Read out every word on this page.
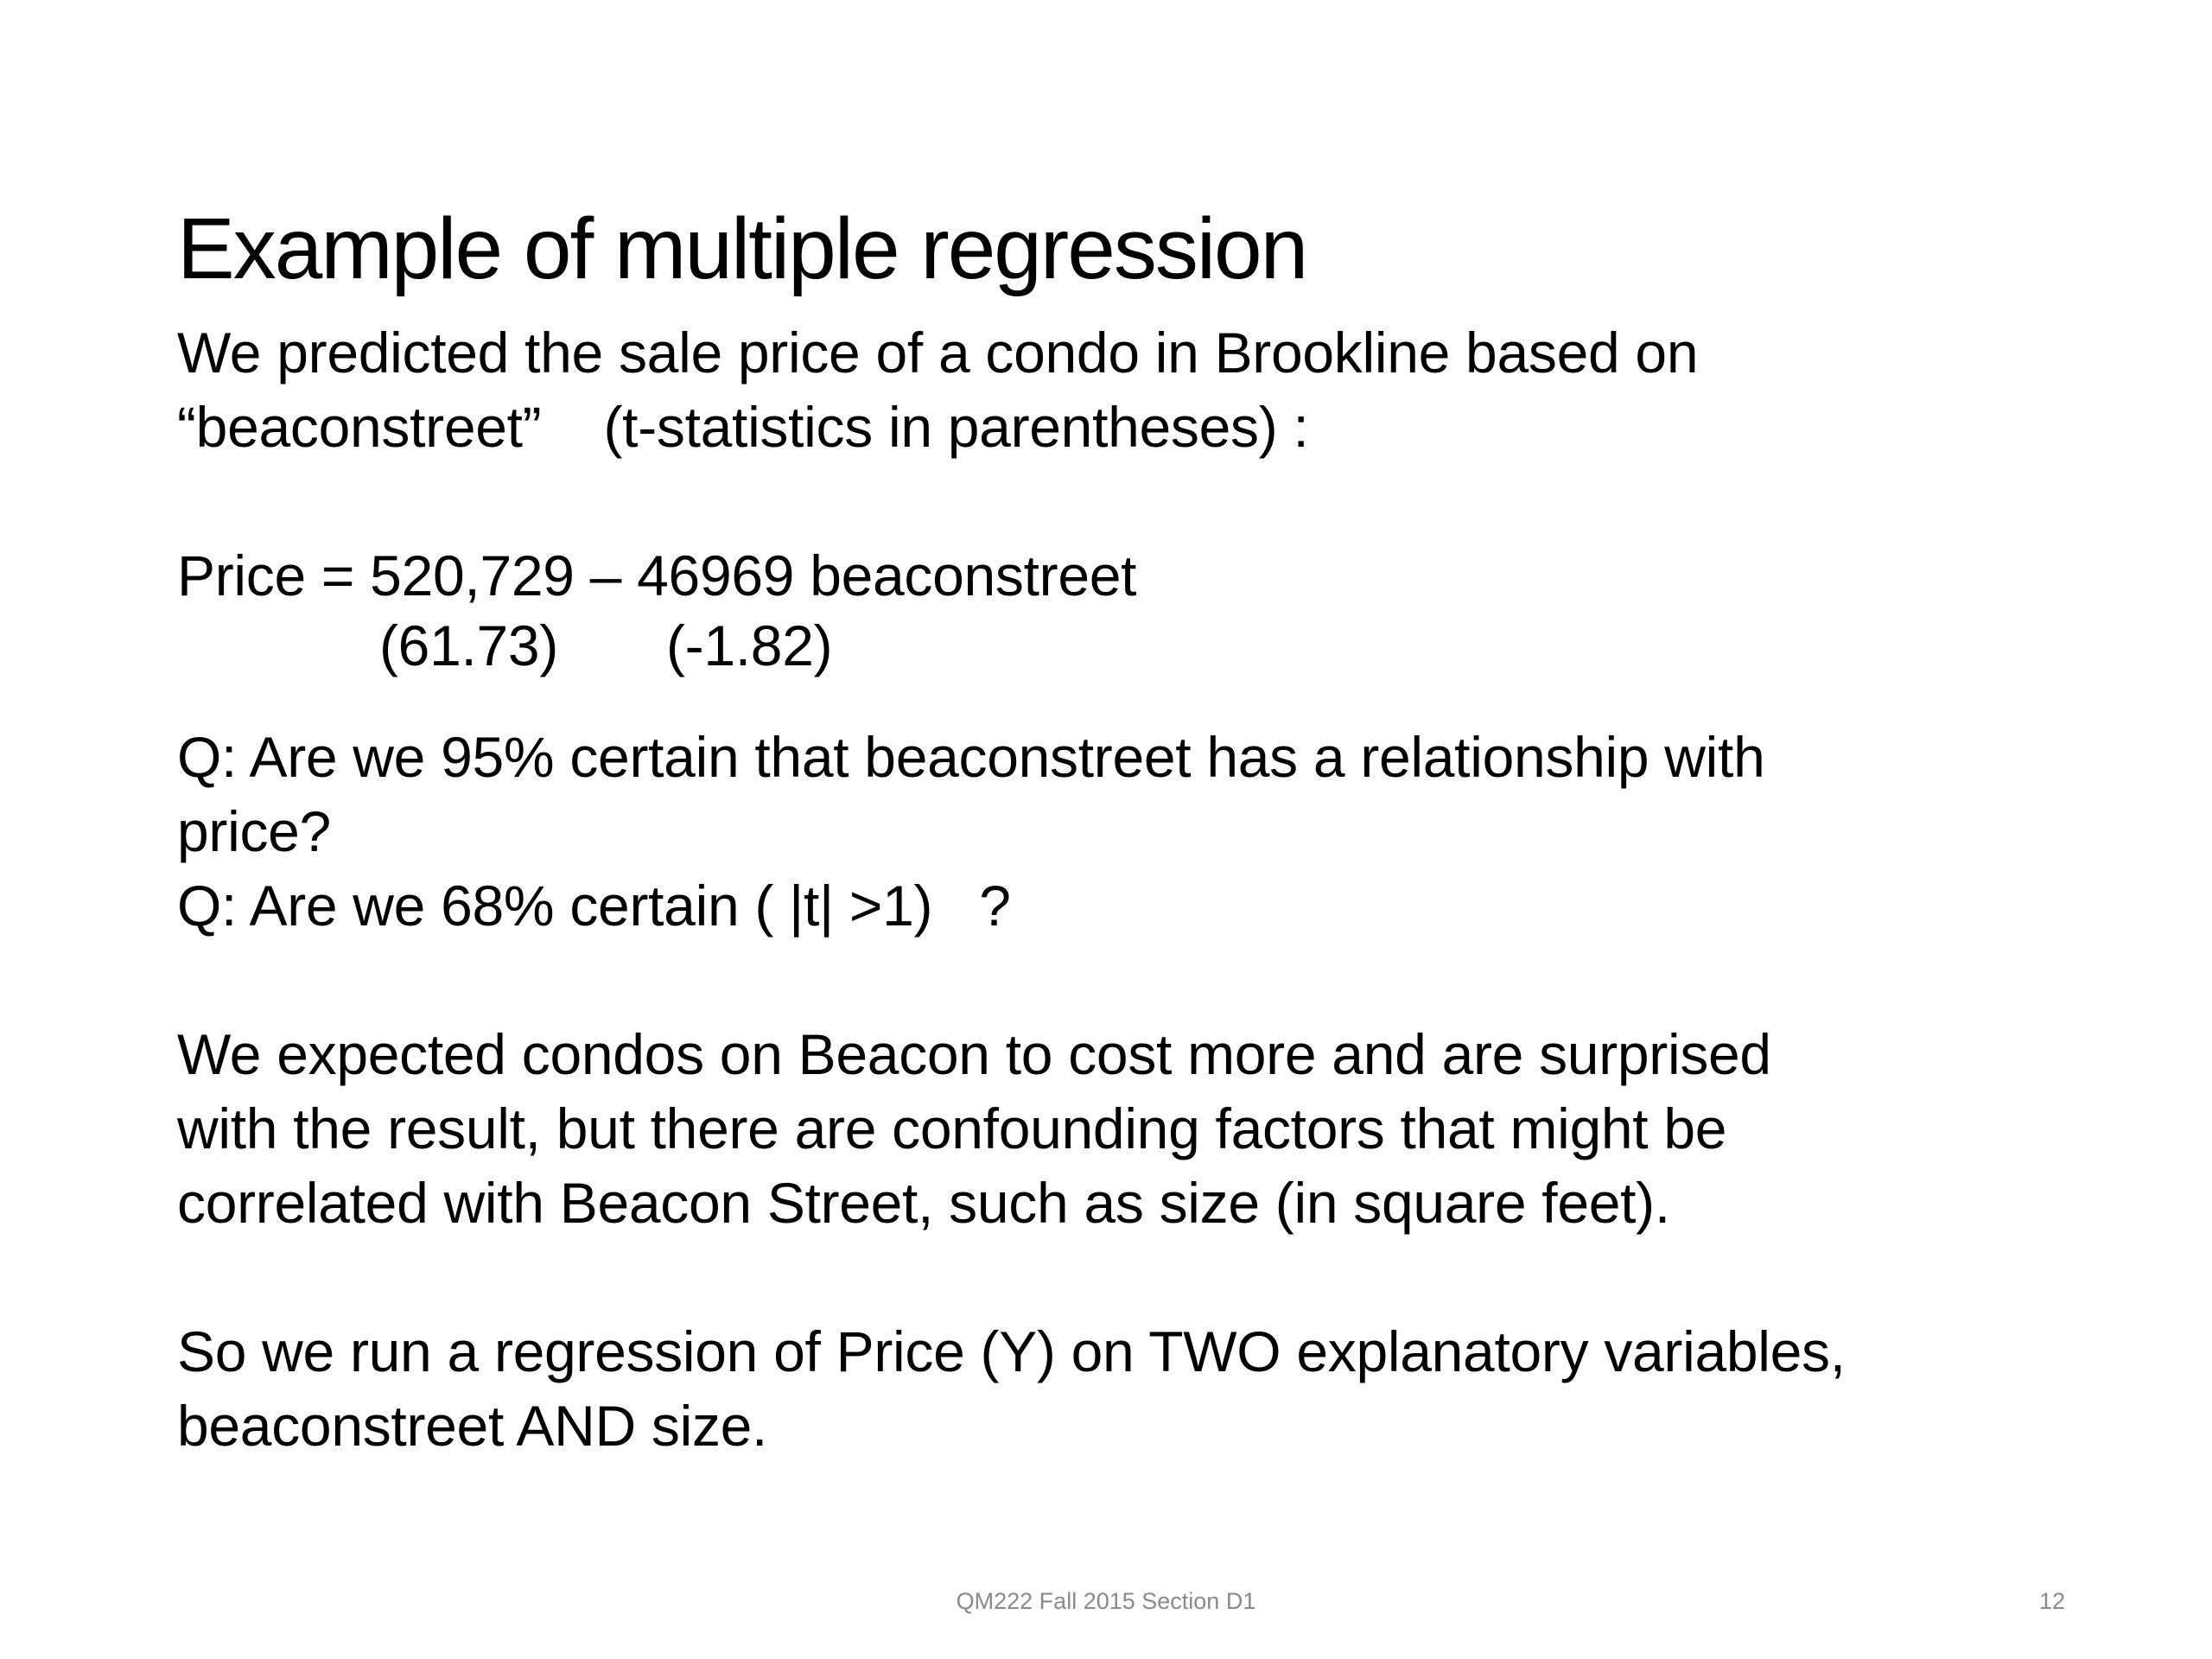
Example of multiple regression
We predicted the sale price of a condo in Brookline based on
“beaconstreet”    (t-statistics in parentheses) :
Price = 520,729 – 46969 beaconstreet
(61.73) (-1.82)
Q: Are we 95% certain that beaconstreet has a relationship with
price?
Q: Are we 68% certain ( |t| >1)   ?
We expected condos on Beacon to cost more and are surprised
with the result, but there are confounding factors that might be
correlated with Beacon Street, such as size (in square feet).
So we run a regression of Price (Y) on TWO explanatory variables,
beaconstreet AND size.
QM222 Fall 2015 Section D1	12
